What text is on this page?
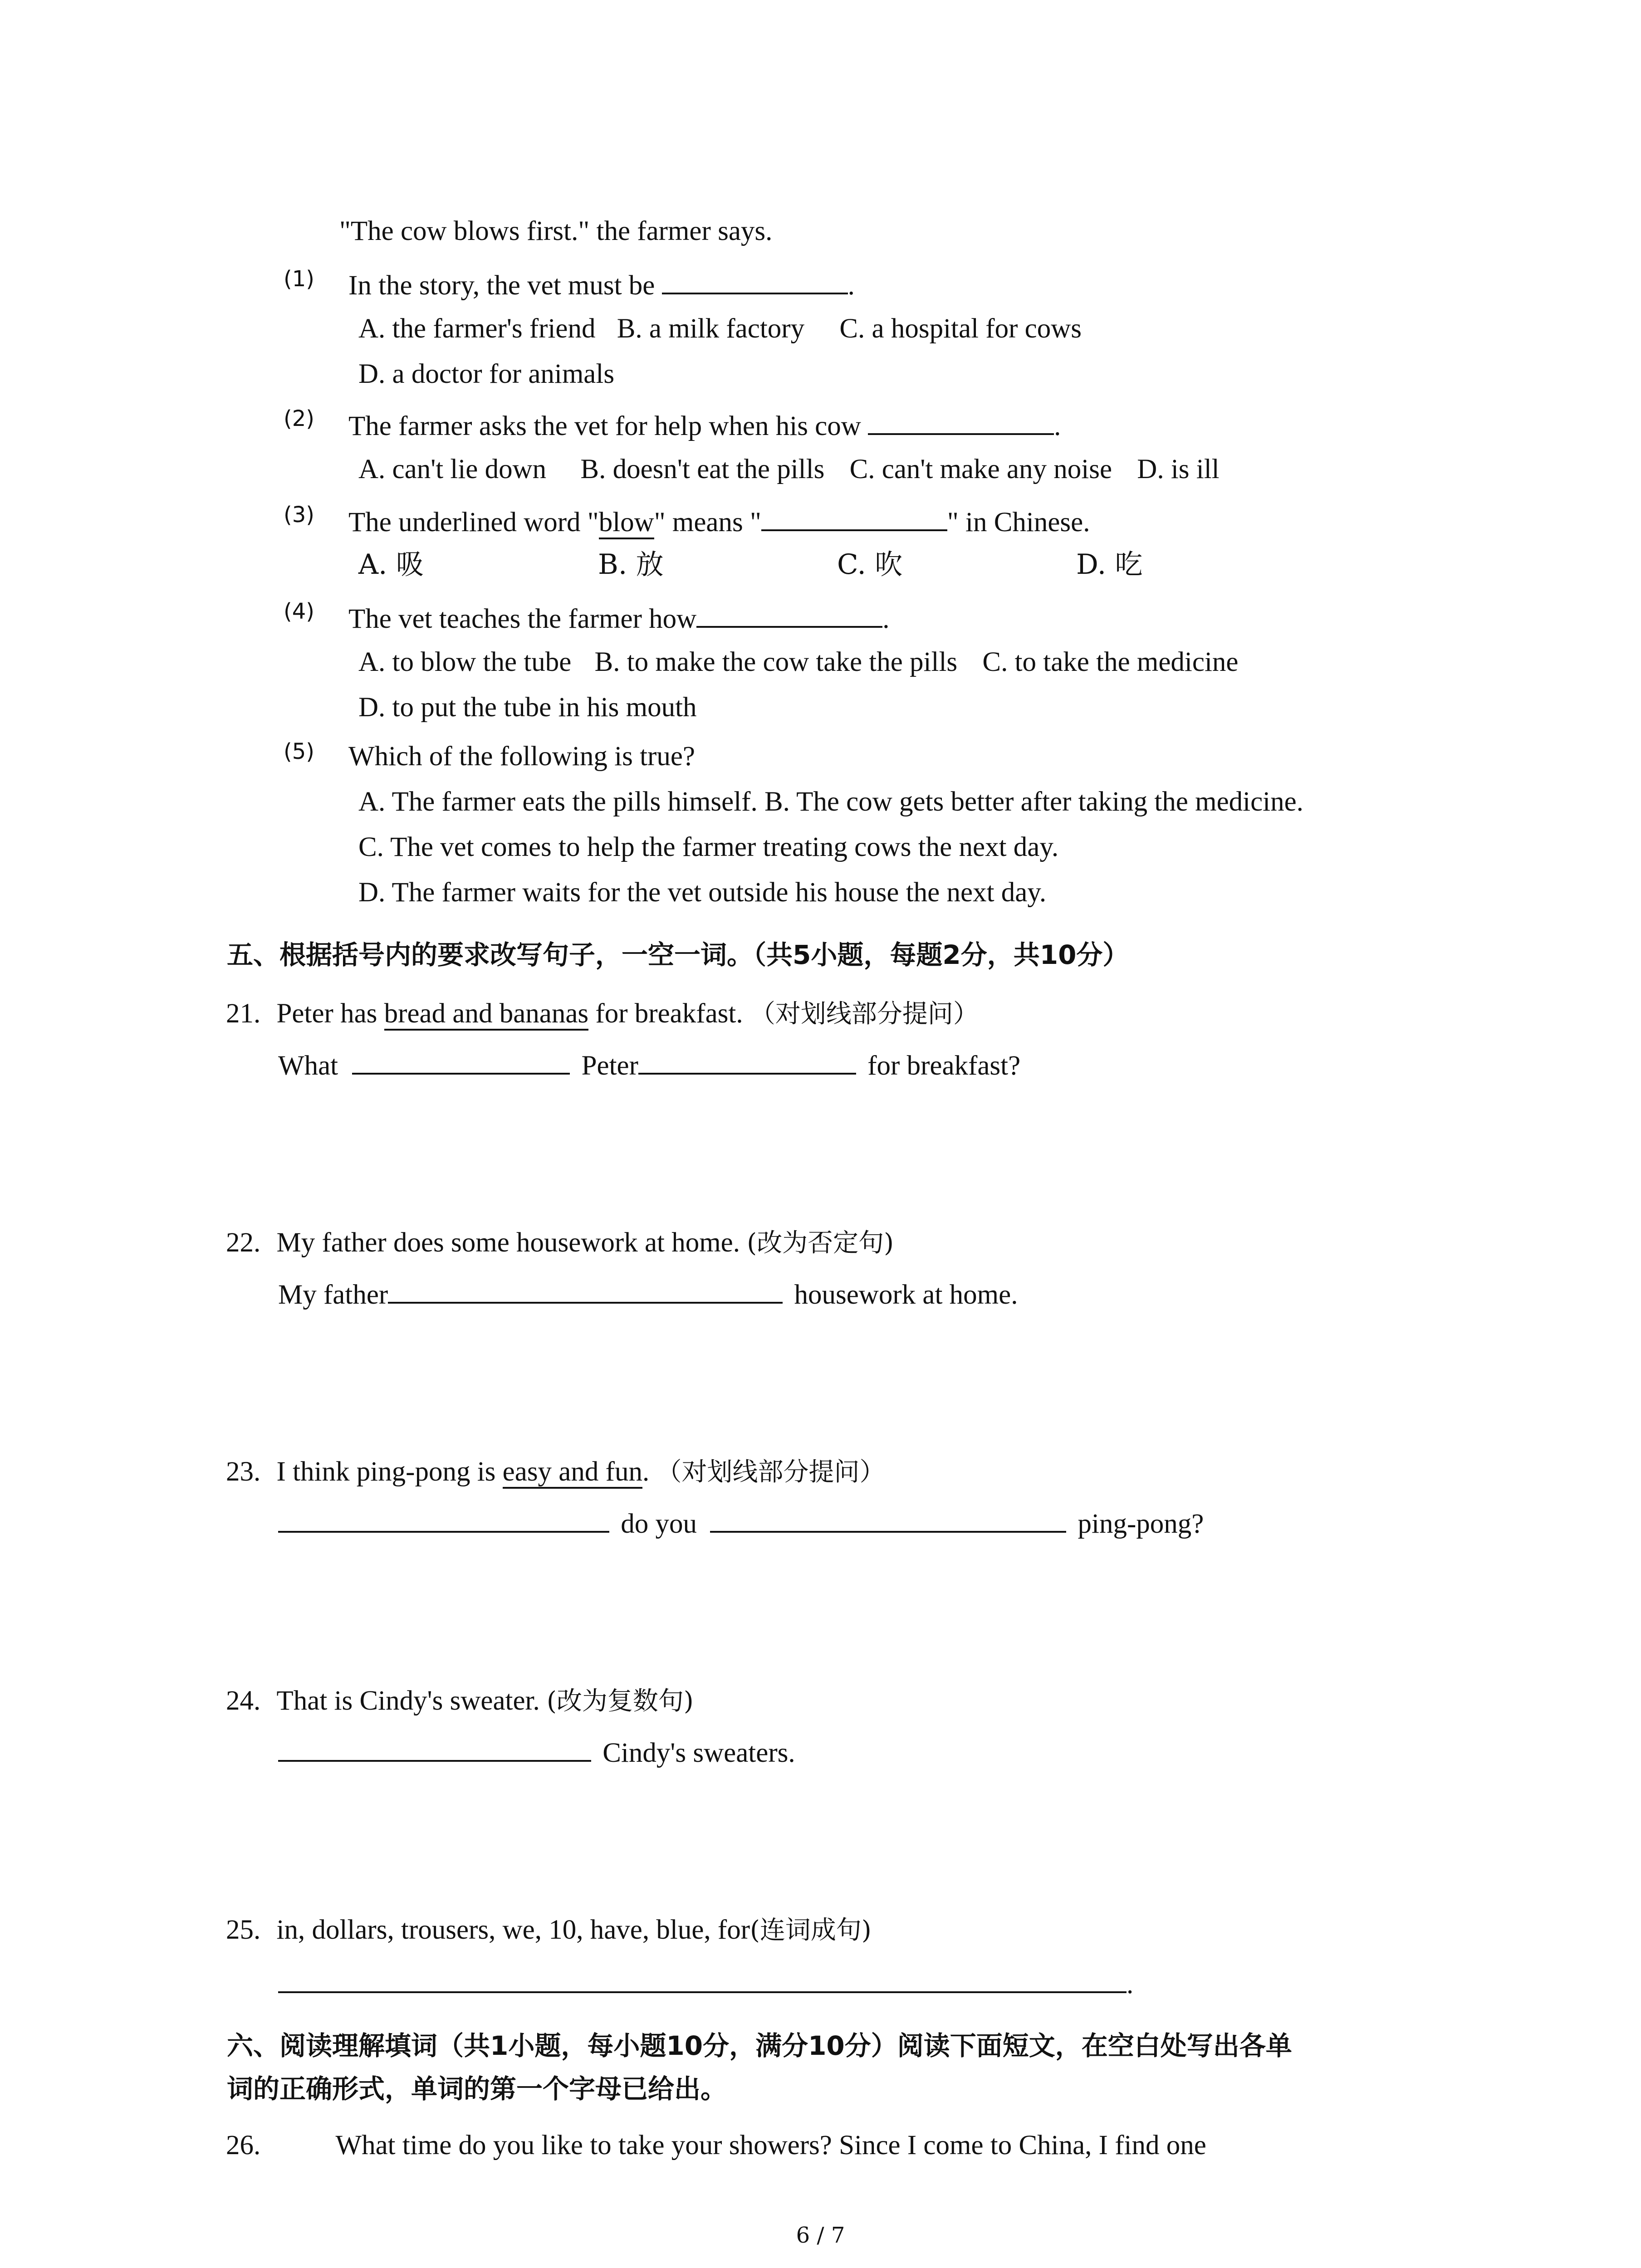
"The cow blows first." the farmer says.
(1) In the story, the vet must be	.
A. the farmer's friend B. a milk factory C. a hospital for cows
D. a doctor for animals
(2) The farmer asks the vet for help when his cow	.
A. can't lie down B. doesn't eat the pills C. can't make any noise D. is ill
(3) The underlined word "blow" means "	" in Chinese.
A. 吸	B. 放	C. 吹	D. 吃
(4) The vet teaches the farmer how	.
A. to blow the tube B. to make the cow take the pills C. to take the medicine
D. to put the tube in his mouth
(5) Which of the following is true?
A. The farmer eats the pills himself. B. The cow gets better after taking the medicine.
C. The vet comes to help the farmer treating cows the next day.
D. The farmer waits for the vet outside his house the next day.
五、根据括号内的要求改写句子，一空一词。（共5小题，每题2分，共10分）
21. Peter has bread and bananas for breakfast. （对划线部分提问）
What	Peter	for breakfast?
22. My father does some housework at home. (改为否定句)
My father	housework at home.
23. I think ping-pong is easy and fun. （对划线部分提问）
do you	ping-pong?
24. That is Cindy's sweater. (改为复数句)
Cindy's sweaters.
25. in, dollars, trousers, we, 10, have, blue, for(连词成句)
.
六、阅读理解填词（共1小题，每小题10分，满分10分）阅读下面短文，在空白处写出各单
词的正确形式，单词的第一个字母已给出。
26.	What time do you like to take your showers? Since I come to China, I find one
6 / 7
